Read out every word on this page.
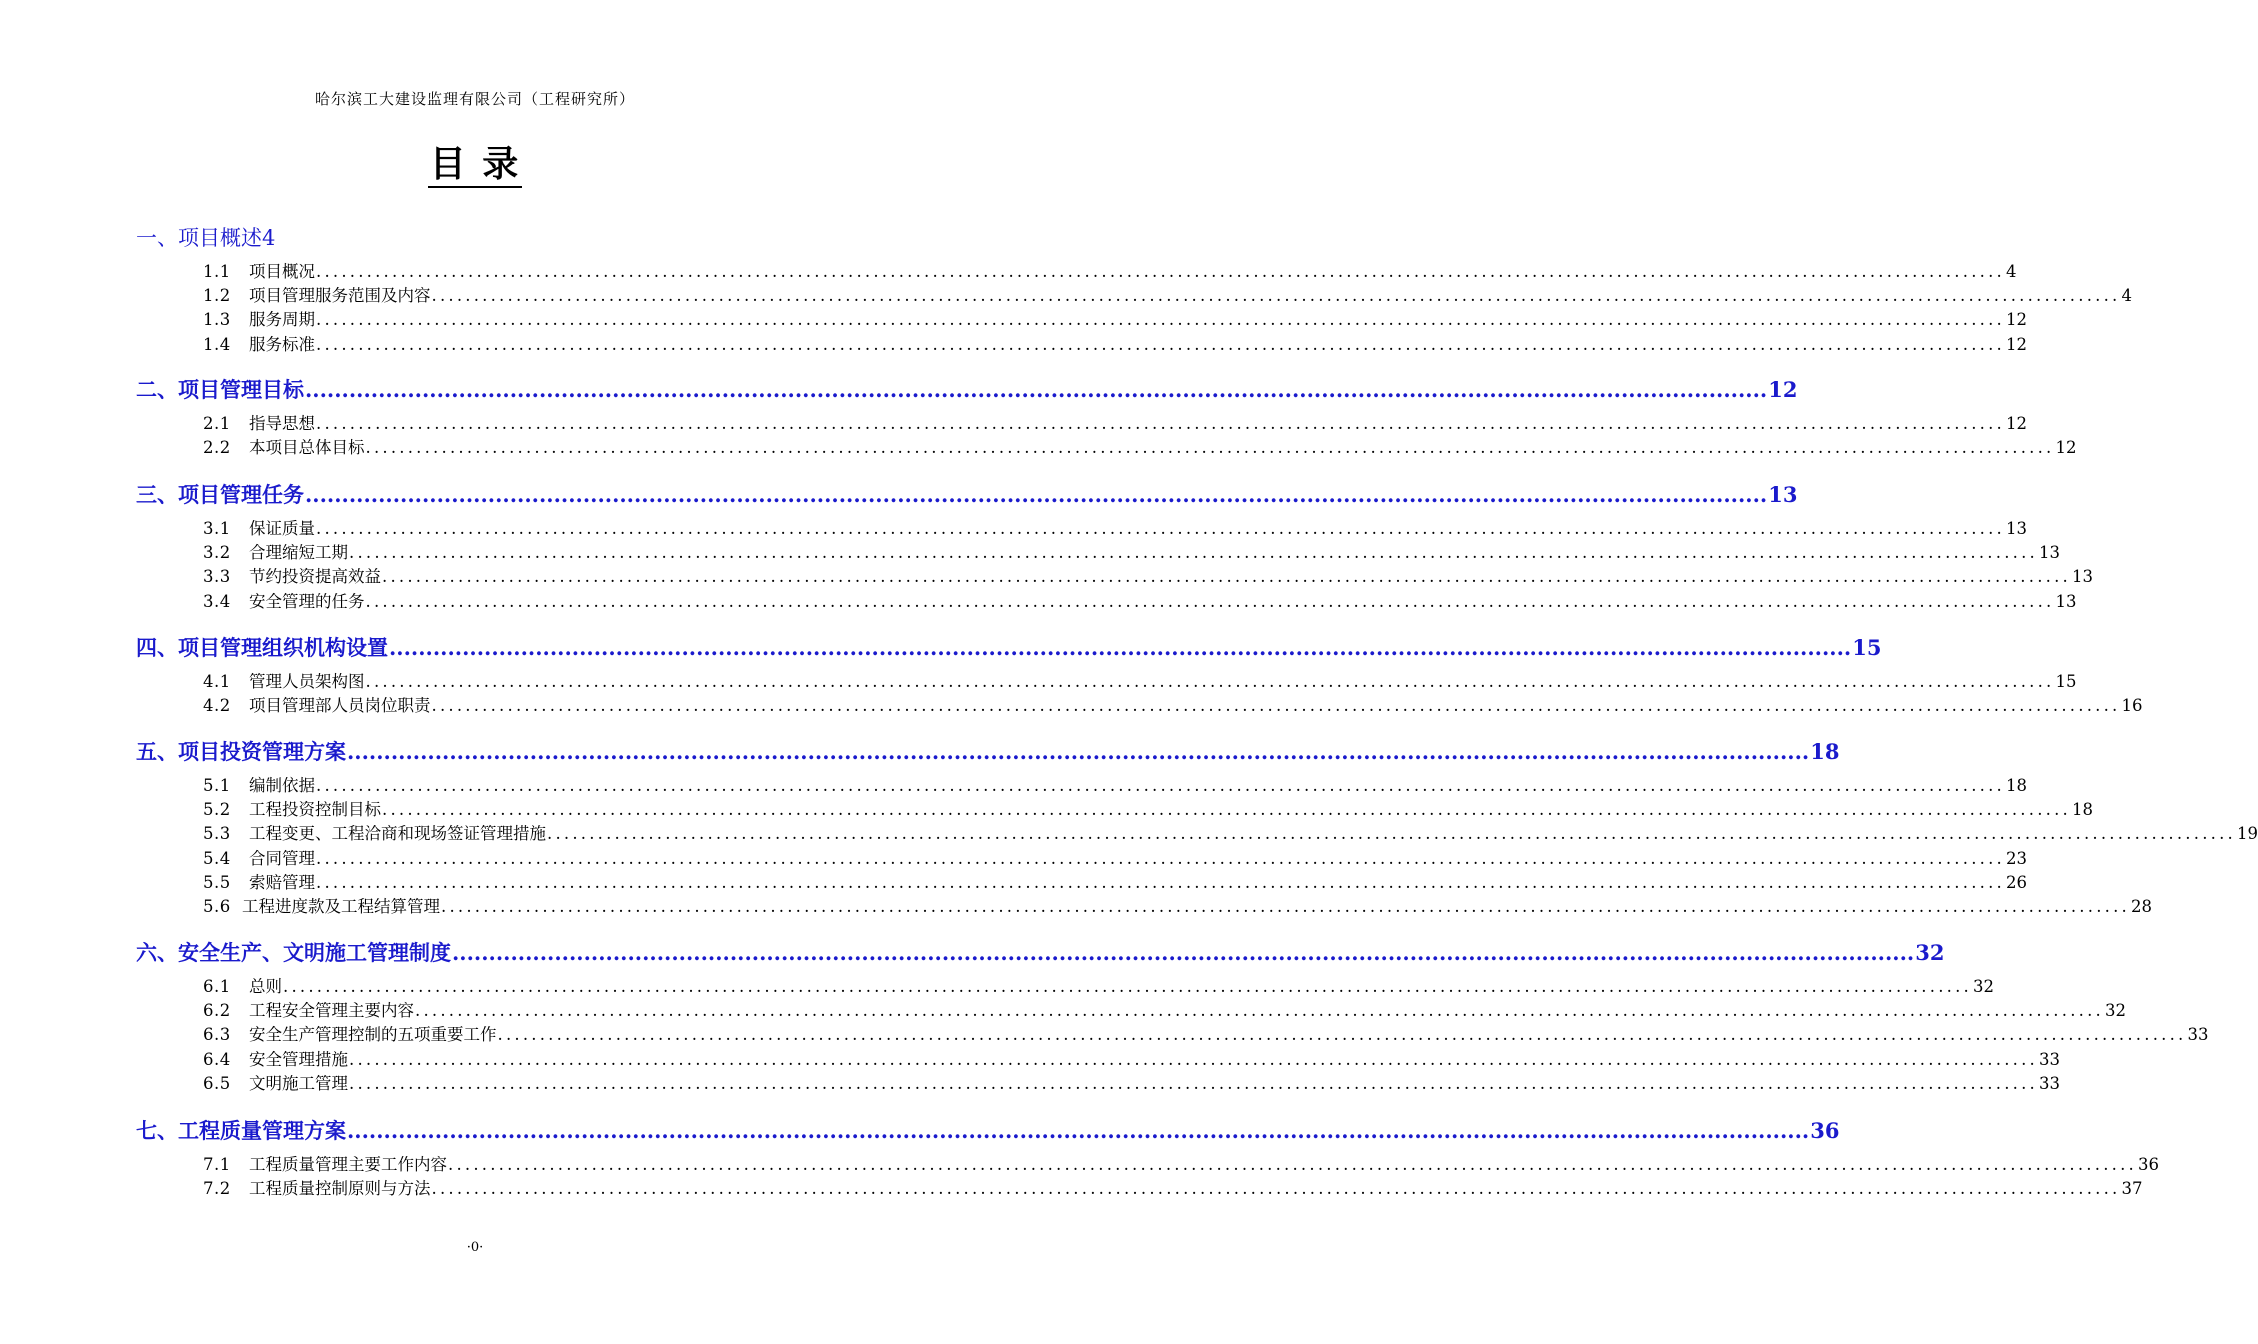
哈尔滨工大建设监理有限公司（工程研究所）
目 录
一、项目概述4
1.1 项目概况 ........................................................................................................................................................................................................ 4
1.2 项目管理服务范围及内容 ........................................................................................................................................................................................................ 4
1.3 服务周期 ........................................................................................................................................................................................................ 12
1.4 服务标准 ........................................................................................................................................................................................................ 12
二、项目管理目标 ........................................................................................................................................................................................................ 12
2.1 指导思想 ........................................................................................................................................................................................................ 12
2.2 本项目总体目标 ........................................................................................................................................................................................................ 12
三、项目管理任务 ........................................................................................................................................................................................................ 13
3.1 保证质量 ........................................................................................................................................................................................................ 13
3.2 合理缩短工期 ........................................................................................................................................................................................................ 13
3.3 节约投资提高效益 ........................................................................................................................................................................................................ 13
3.4 安全管理的任务 ........................................................................................................................................................................................................ 13
四、项目管理组织机构设置 ........................................................................................................................................................................................................ 15
4.1 管理人员架构图 ........................................................................................................................................................................................................ 15
4.2 项目管理部人员岗位职责 ........................................................................................................................................................................................................ 16
五、项目投资管理方案 ........................................................................................................................................................................................................ 18
5.1 编制依据 ........................................................................................................................................................................................................ 18
5.2 工程投资控制目标 ........................................................................................................................................................................................................ 18
5.3 工程变更、工程洽商和现场签证管理措施 ........................................................................................................................................................................................................ 19
5.4 合同管理 ........................................................................................................................................................................................................ 23
5.5 索赔管理 ........................................................................................................................................................................................................ 26
5.6 工程进度款及工程结算管理 ........................................................................................................................................................................................................ 28
六、安全生产、文明施工管理制度 ........................................................................................................................................................................................................ 32
6.1 总则 ........................................................................................................................................................................................................ 32
6.2 工程安全管理主要内容 ........................................................................................................................................................................................................ 32
6.3 安全生产管理控制的五项重要工作 ........................................................................................................................................................................................................ 33
6.4 安全管理措施 ........................................................................................................................................................................................................ 33
6.5 文明施工管理 ........................................................................................................................................................................................................ 33
七、工程质量管理方案 ........................................................................................................................................................................................................ 36
7.1 工程质量管理主要工作内容 ........................................................................................................................................................................................................ 36
7.2 工程质量控制原则与方法 ........................................................................................................................................................................................................ 37
·0·
